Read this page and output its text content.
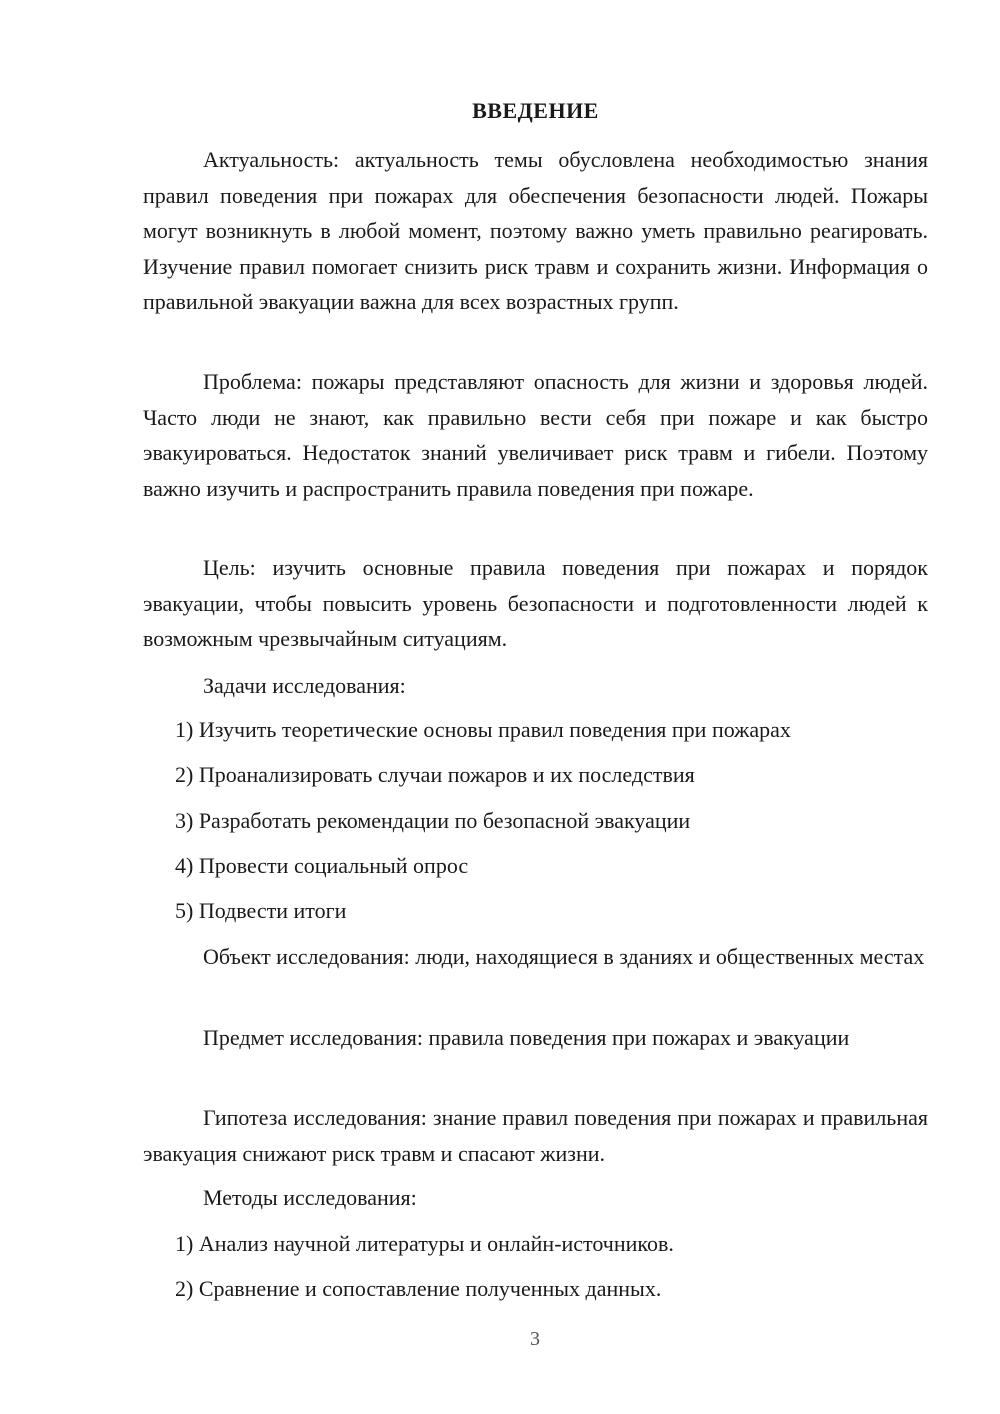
ВВЕДЕНИЕ

Актуальность: актуальность темы обусловлена необходимостью знания правил поведения при пожарах для обеспечения безопасности людей. Пожары могут возникнуть в любой момент, поэтому важно уметь правильно реагировать. Изучение правил помогает снизить риск травм и сохранить жизни. Информация о правильной эвакуации важна для всех возрастных групп.

Проблема: пожары представляют опасность для жизни и здоровья людей. Часто люди не знают, как правильно вести себя при пожаре и как быстро эвакуироваться. Недостаток знаний увеличивает риск травм и гибели. Поэтому важно изучить и распространить правила поведения при пожаре.

Цель: изучить основные правила поведения при пожарах и порядок эвакуации, чтобы повысить уровень безопасности и подготовленности людей к возможным чрезвычайным ситуациям.

Задачи исследования:

1) Изучить теоретические основы правил поведения при пожарах

2) Проанализировать случаи пожаров и их последствия

3) Разработать рекомендации по безопасной эвакуации

4) Провести социальный опрос

5) Подвести итоги

Объект исследования: люди, находящиеся в зданиях и общественных местах

Предмет исследования: правила поведения при пожарах и эвакуации

Гипотеза исследования: знание правил поведения при пожарах и правильная эвакуация снижают риск травм и спасают жизни.

Методы исследования:

1) Анализ научной литературы и онлайн-источников.

2) Сравнение и сопоставление полученных данных.

3
